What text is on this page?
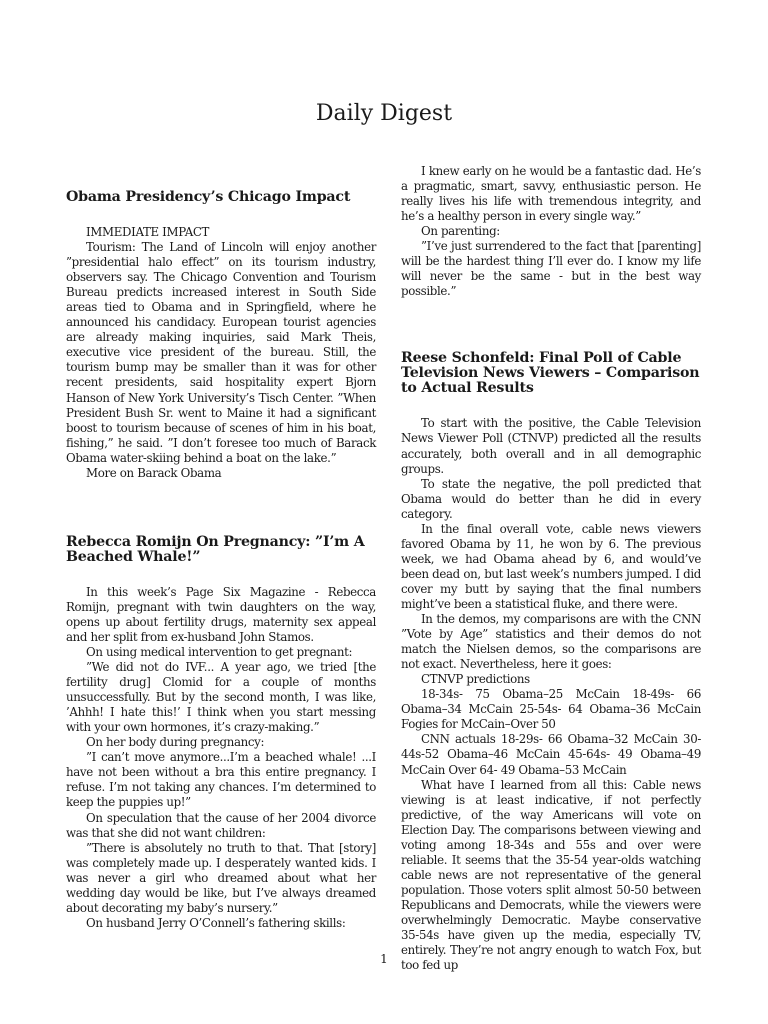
Daily Digest
Obama Presidency’s Chicago Impact

IMMEDIATE IMPACT

Tourism: The Land of Lincoln will enjoy another ”presidential halo effect” on its tourism industry, observers say. The Chicago Convention and Tourism Bureau predicts increased interest in South Side areas tied to Obama and in Springfield, where he announced his candidacy. European tourist agencies are already making inquiries, said Mark Theis, executive vice president of the bureau. Still, the tourism bump may be smaller than it was for other recent presidents, said hospitality expert Bjorn Hanson of New York University’s Tisch Center. ”When President Bush Sr. went to Maine it had a significant boost to tourism because of scenes of him in his boat, fishing,” he said. ”I don’t foresee too much of Barack Obama water-skiing behind a boat on the lake.”

More on Barack Obama

Rebecca Romijn On Pregnancy: ”I’m A Beached Whale!”

In this week’s Page Six Magazine - Rebecca Romijn, pregnant with twin daughters on the way, opens up about fertility drugs, maternity sex appeal and her split from ex-husband John Stamos.

On using medical intervention to get pregnant:

”We did not do IVF... A year ago, we tried [the fertility drug] Clomid for a couple of months unsuccessfully. But by the second month, I was like, ’Ahhh! I hate this!’ I think when you start messing with your own hormones, it’s crazy-making.”

On her body during pregnancy:

”I can’t move anymore...I’m a beached whale! ...I have not been without a bra this entire pregnancy. I refuse. I’m not taking any chances. I’m determined to keep the puppies up!”

On speculation that the cause of her 2004 divorce was that she did not want children:

”There is absolutely no truth to that. That [story] was completely made up. I desperately wanted kids. I was never a girl who dreamed about what her wedding day would be like, but I’ve always dreamed about decorating my baby’s nursery.”

On husband Jerry O’Connell’s fathering skills:

I knew early on he would be a fantastic dad. He’s a pragmatic, smart, savvy, enthusiastic person. He really lives his life with tremendous integrity, and he’s a healthy person in every single way.”

On parenting:

”I’ve just surrendered to the fact that [parenting] will be the hardest thing I’ll ever do. I know my life will never be the same - but in the best way possible.”

Reese Schonfeld: Final Poll of Cable Television News Viewers – Comparison to Actual Results

To start with the positive, the Cable Television News Viewer Poll (CTNVP) predicted all the results accurately, both overall and in all demographic groups.

To state the negative, the poll predicted that Obama would do better than he did in every category.

In the final overall vote, cable news viewers favored Obama by 11, he won by 6. The previous week, we had Obama ahead by 6, and would’ve been dead on, but last week’s numbers jumped. I did cover my butt by saying that the final numbers might’ve been a statistical fluke, and there were.

In the demos, my comparisons are with the CNN ”Vote by Age” statistics and their demos do not match the Nielsen demos, so the comparisons are not exact. Nevertheless, here it goes:

CTNVP predictions

18-34s- 75 Obama–25 McCain 18-49s- 66 Obama–34 McCain 25-54s- 64 Obama–36 McCain Fogies for McCain–Over 50

CNN actuals 18-29s- 66 Obama–32 McCain 30-44s-52 Obama–46 McCain 45-64s- 49 Obama–49 McCain Over 64- 49 Obama–53 McCain

What have I learned from all this: Cable news viewing is at least indicative, if not perfectly predictive, of the way Americans will vote on Election Day. The comparisons between viewing and voting among 18-34s and 55s and over were reliable. It seems that the 35-54 year-olds watching cable news are not representative of the general population. Those voters split almost 50-50 between Republicans and Democrats, while the viewers were overwhelmingly Democratic. Maybe conservative 35-54s have given up the media, especially TV, entirely. They’re not angry enough to watch Fox, but too fed up

1
